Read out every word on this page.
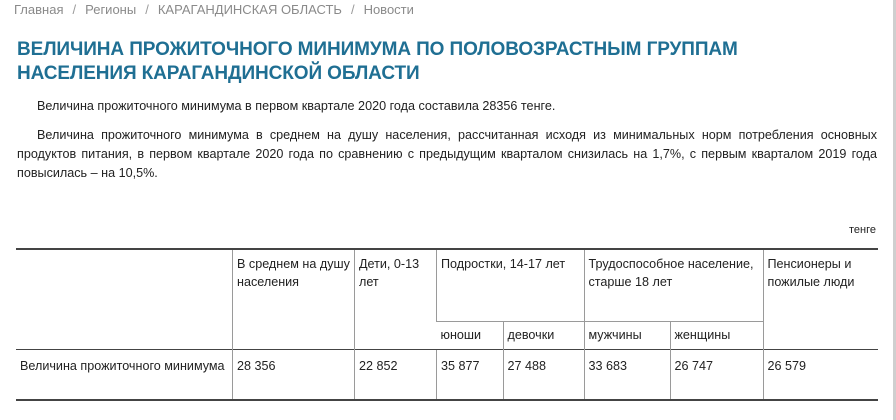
Главная / Регионы / КАРАГАНДИНСКАЯ ОБЛАСТЬ / Новости
ВЕЛИЧИНА ПРОЖИТОЧНОГО МИНИМУМА ПО ПОЛОВОЗРАСТНЫМ ГРУППАМ НАСЕЛЕНИЯ КАРАГАНДИНСКОЙ ОБЛАСТИ

Величина прожиточного минимума в первом квартале 2020 года составила 28356 тенге.

Величина прожиточного минимума в среднем на душу населения, рассчитанная исходя из минимальных норм потребления основных продуктов питания, в первом квартале 2020 года по сравнению с предыдущим кварталом снизилась на 1,7%, с первым кварталом 2019 года повысилась – на 10,5%.

тенге
	В среднем на душу населения	Дети, 0-13 лет	Подростки, 14-17 лет		Трудоспособное население, старше 18 лет		Пенсионеры и пожилые люди
			юноши	девочки	мужчины	женщины	
Величина прожиточного минимума	28 356	22 852	35 877	27 488	33 683	26 747	26 579
